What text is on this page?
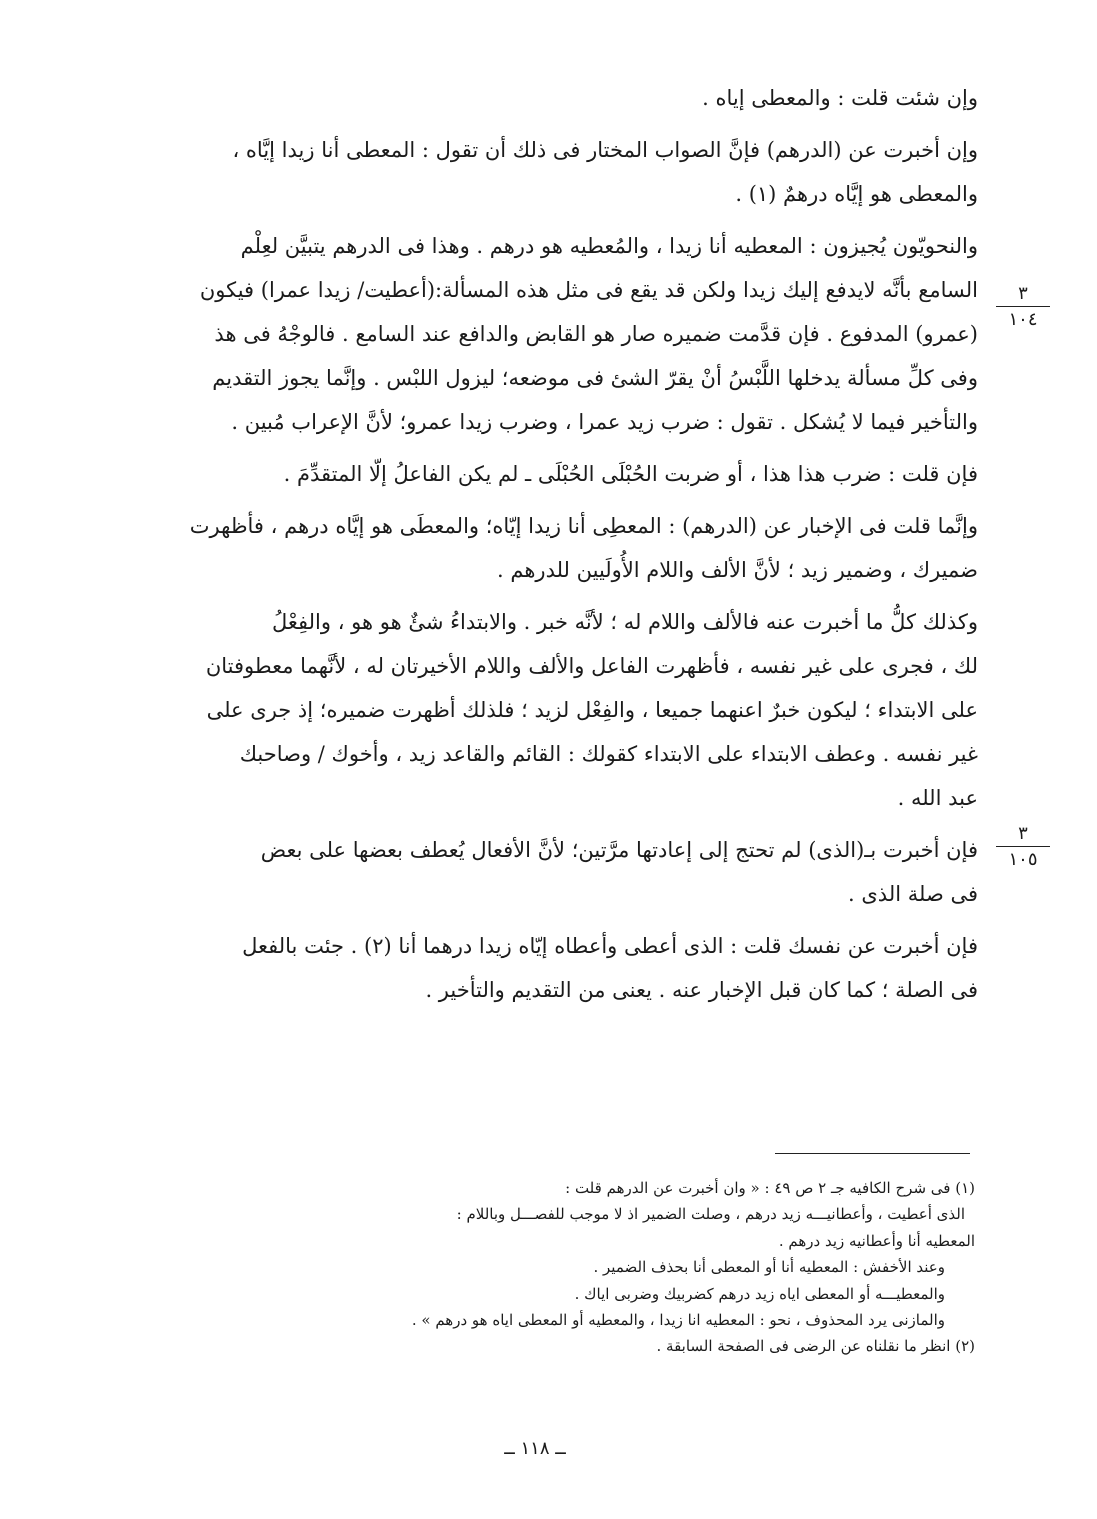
وإن شئت قلت : والمعطى إياه .
وإن أخبرت عن (الدرهم) فإنَّ الصواب المختار فى ذلك أن تقول : المعطى أنا زيدا إيَّاه ،
والمعطى هو إيَّاه درهمٌ (١) .
والنحويّون يُجيزون : المعطيه أنا زيدا ، والمُعطيه هو درهم . وهذا فى الدرهم يتبيَّن لعِلْم
السامع بأنَّه لايدفع إليك زيدا ولكن قد يقع فى مثل هذه المسألة:(أعطيت/ زيدا عمرا) فيكون
(عمرو) المدفوع . فإن قدَّمت ضميره صار هو القابض والدافع عند السامع . فالوجْهُ فى هذ
وفى كلِّ مسألة يدخلها اللَّبْسُ أنْ يقرّ الشئ فى موضعه؛ ليزول اللبْس . وإنَّما يجوز التقديم
والتأخير فيما لا يُشكل . تقول : ضرب زيد عمرا ، وضرب زيدا عمرو؛ لأنَّ الإعراب مُبين .
فإن قلت : ضرب هذا هذا ، أو ضربت الحُبْلَى الحُبْلَى ـ لم يكن الفاعلُ إلّا المتقدِّمَ .
وإنَّما قلت فى الإخبار عن (الدرهم) : المعطِى أنا زيدا إيّاه؛ والمعطَى هو إيَّاه درهم ، فأظهرت
ضميرك ، وضمير زيد ؛ لأنَّ الألف واللام الأُولَيين للدرهم .
وكذلك كلُّ ما أخبرت عنه فالألف واللام له ؛ لأنَّه خبر . والابتداءُ شئٌ هو هو ، والفِعْلُ
لك ، فجرى على غير نفسه ، فأظهرت الفاعل والألف واللام الأخيرتان له ، لأنَّهما معطوفتان
على الابتداء ؛ ليكون خبرٌ اعنهما جميعا ، والفِعْل لزيد ؛ فلذلك أظهرت ضميره؛ إذ جرى على
غير نفسه . وعطف الابتداء على الابتداء كقولك : القائم والقاعد زيد ، وأخوك / وصاحبك
عبد الله .
فإن أخبرت بـ(الذى) لم تحتج إلى إعادتها مرَّتين؛ لأنَّ الأفعال يُعطف بعضها على بعض
فى صلة الذى .
فإن أخبرت عن نفسك قلت : الذى أعطى وأعطاه إيّاه زيدا درهما أنا (٢) . جئت بالفعل
فى الصلة ؛ كما كان قبل الإخبار عنه . يعنى من التقديم والتأخير .
٣
١٠٤
٣
١٠٥
(١) فى شرح الكافيه جـ ٢ ص ٤٩ : « وان أخبرت عن الدرهم قلت :
الذى أعطيت ، وأعطانيـــه زيد درهم ، وصلت الضمير اذ لا موجب للفصـــل وباللام :
المعطيه أنا وأعطانيه زيد درهم .
وعند الأخفش : المعطيه أنا أو المعطى أنا بحذف الضمير .
والمعطيـــه أو المعطى اياه زيد درهم كضربيك وضربى اياك .
والمازنى يرد المحذوف ، نحو : المعطيه انا زيدا ، والمعطيه أو المعطى اياه هو درهم » .
(٢) انظر ما نقلناه عن الرضى فى الصفحة السابقة .
ــ ١١٨ ــ
